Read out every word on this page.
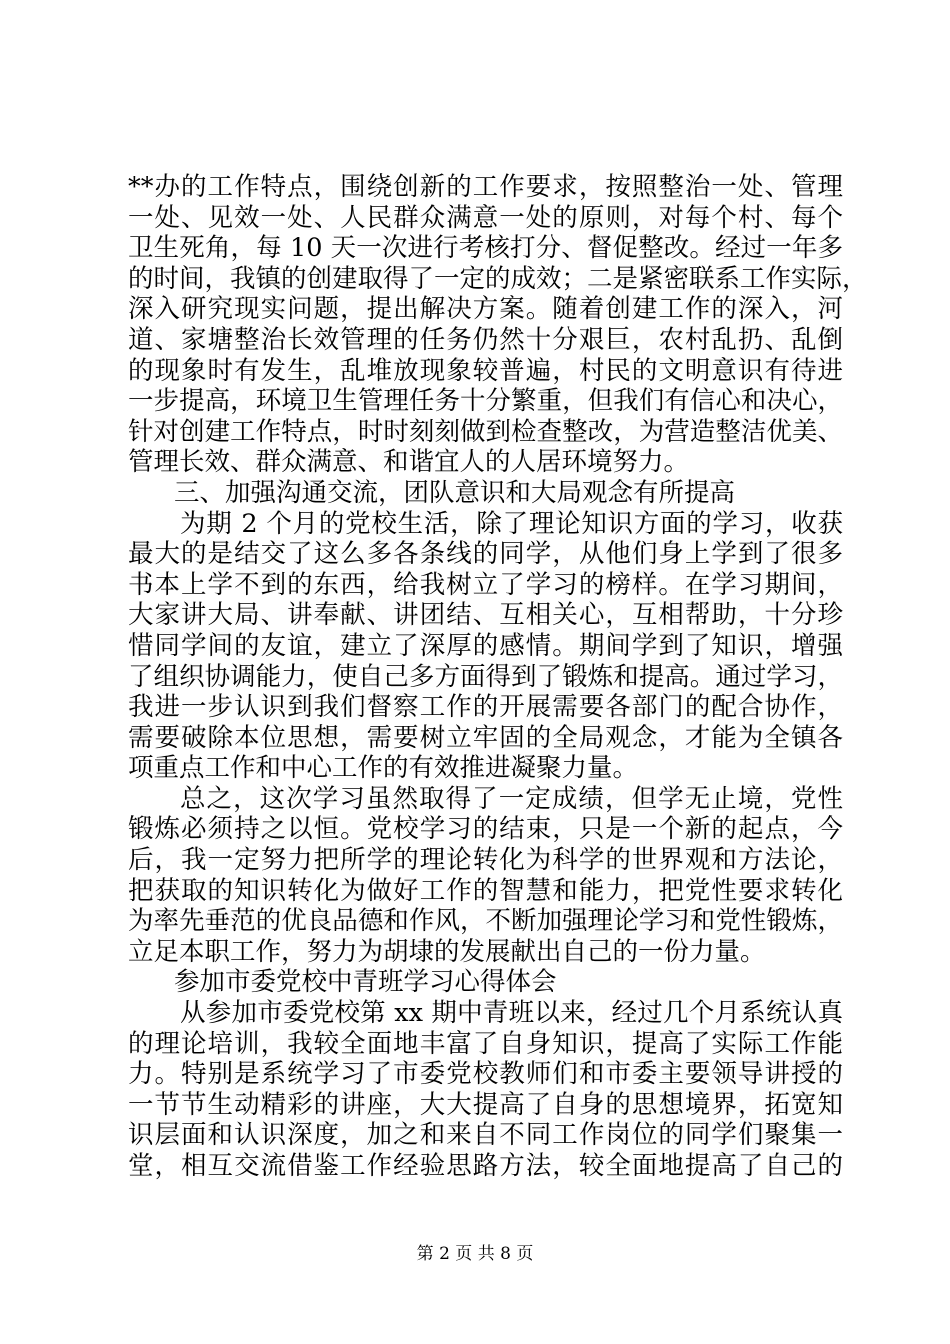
**办的工作特点，围绕创新的工作要求，按照整治一处、管理
一处、见效一处、人民群众满意一处的原则，对每个村、每个
卫生死角，每 10 天一次进行考核打分、督促整改。经过一年多
的时间，我镇的创建取得了一定的成效；二是紧密联系工作实际，
深入研究现实问题，提出解决方案。随着创建工作的深入，河
道、家塘整治长效管理的任务仍然十分艰巨，农村乱扔、乱倒
的现象时有发生，乱堆放现象较普遍，村民的文明意识有待进
一步提高，环境卫生管理任务十分繁重，但我们有信心和决心，
针对创建工作特点，时时刻刻做到检查整改，为营造整洁优美、
管理长效、群众满意、和谐宜人的人居环境努力。
三、加强沟通交流，团队意识和大局观念有所提高
为期 2 个月的党校生活，除了理论知识方面的学习，收获
最大的是结交了这么多各条线的同学，从他们身上学到了很多
书本上学不到的东西，给我树立了学习的榜样。在学习期间，
大家讲大局、讲奉献、讲团结、互相关心，互相帮助，十分珍
惜同学间的友谊，建立了深厚的感情。期间学到了知识，增强
了组织协调能力，使自己多方面得到了锻炼和提高。通过学习，
我进一步认识到我们督察工作的开展需要各部门的配合协作，
需要破除本位思想，需要树立牢固的全局观念，才能为全镇各
项重点工作和中心工作的有效推进凝聚力量。
总之，这次学习虽然取得了一定成绩，但学无止境，党性
锻炼必须持之以恒。党校学习的结束，只是一个新的起点，今
后，我一定努力把所学的理论转化为科学的世界观和方法论，
把获取的知识转化为做好工作的智慧和能力，把党性要求转化
为率先垂范的优良品德和作风，不断加强理论学习和党性锻炼，
立足本职工作，努力为胡埭的发展献出自己的一份力量。
参加市委党校中青班学习心得体会
从参加市委党校第 xx 期中青班以来，经过几个月系统认真
的理论培训，我较全面地丰富了自身知识，提高了实际工作能
力。特别是系统学习了市委党校教师们和市委主要领导讲授的
一节节生动精彩的讲座，大大提高了自身的思想境界，拓宽知
识层面和认识深度，加之和来自不同工作岗位的同学们聚集一
堂，相互交流借鉴工作经验思路方法，较全面地提高了自己的
第 2 页 共 8 页
